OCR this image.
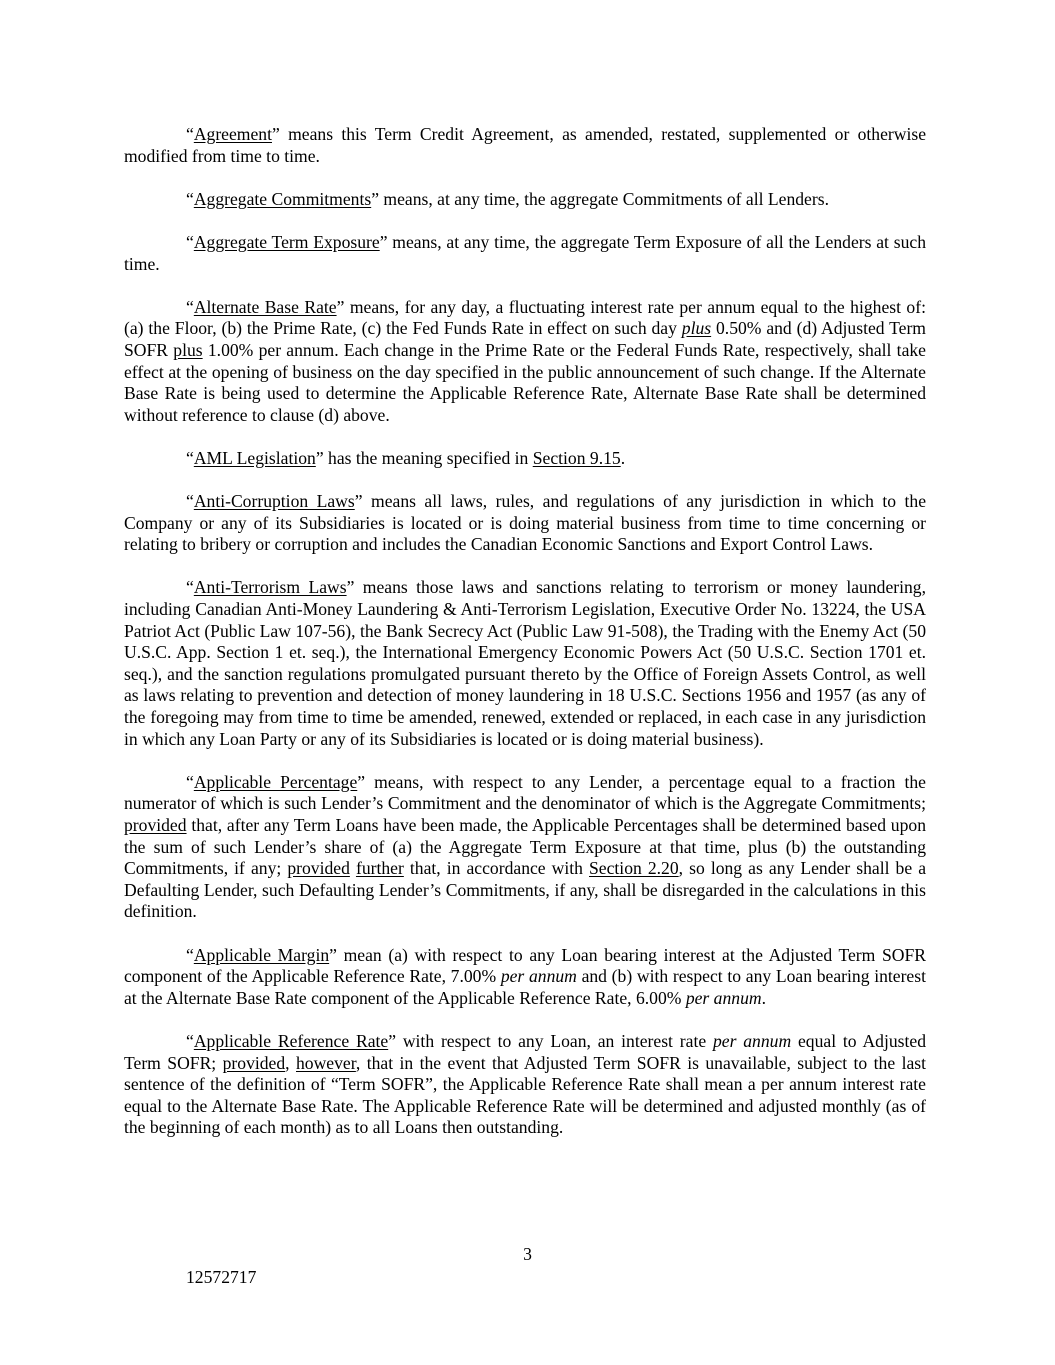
“Agreement” means this Term Credit Agreement, as amended, restated, supplemented or otherwise modified from time to time.

“Aggregate Commitments” means, at any time, the aggregate Commitments of all Lenders.

“Aggregate Term Exposure” means, at any time, the aggregate Term Exposure of all the Lenders at such time.

“Alternate Base Rate” means, for any day, a fluctuating interest rate per annum equal to the highest of: (a) the Floor, (b) the Prime Rate, (c) the Fed Funds Rate in effect on such day plus 0.50% and (d) Adjusted Term SOFR plus 1.00% per annum. Each change in the Prime Rate or the Federal Funds Rate, respectively, shall take effect at the opening of business on the day specified in the public announcement of such change. If the Alternate Base Rate is being used to determine the Applicable Reference Rate, Alternate Base Rate shall be determined without reference to clause (d) above.

“AML Legislation” has the meaning specified in Section 9.15.

“Anti-Corruption Laws” means all laws, rules, and regulations of any jurisdiction in which to the Company or any of its Subsidiaries is located or is doing material business from time to time concerning or relating to bribery or corruption and includes the Canadian Economic Sanctions and Export Control Laws.

“Anti-Terrorism Laws” means those laws and sanctions relating to terrorism or money laundering, including Canadian Anti-Money Laundering & Anti-Terrorism Legislation, Executive Order No. 13224, the USA Patriot Act (Public Law 107-56), the Bank Secrecy Act (Public Law 91-508), the Trading with the Enemy Act (50 U.S.C. App. Section 1 et. seq.), the International Emergency Economic Powers Act (50 U.S.C. Section 1701 et. seq.), and the sanction regulations promulgated pursuant thereto by the Office of Foreign Assets Control, as well as laws relating to prevention and detection of money laundering in 18 U.S.C. Sections 1956 and 1957 (as any of the foregoing may from time to time be amended, renewed, extended or replaced, in each case in any jurisdiction in which any Loan Party or any of its Subsidiaries is located or is doing material business).

“Applicable Percentage” means, with respect to any Lender, a percentage equal to a fraction the numerator of which is such Lender’s Commitment and the denominator of which is the Aggregate Commitments; provided that, after any Term Loans have been made, the Applicable Percentages shall be determined based upon the sum of such Lender’s share of (a) the Aggregate Term Exposure at that time, plus (b) the outstanding Commitments, if any; provided further that, in accordance with Section 2.20, so long as any Lender shall be a Defaulting Lender, such Defaulting Lender’s Commitments, if any, shall be disregarded in the calculations in this definition.

“Applicable Margin” mean (a) with respect to any Loan bearing interest at the Adjusted Term SOFR component of the Applicable Reference Rate, 7.00% per annum and (b) with respect to any Loan bearing interest at the Alternate Base Rate component of the Applicable Reference Rate, 6.00% per annum.

“Applicable Reference Rate” with respect to any Loan, an interest rate per annum equal to Adjusted Term SOFR; provided, however, that in the event that Adjusted Term SOFR is unavailable, subject to the last sentence of the definition of “Term SOFR”, the Applicable Reference Rate shall mean a per annum interest rate equal to the Alternate Base Rate. The Applicable Reference Rate will be determined and adjusted monthly (as of the beginning of each month) as to all Loans then outstanding.

3
12572717
